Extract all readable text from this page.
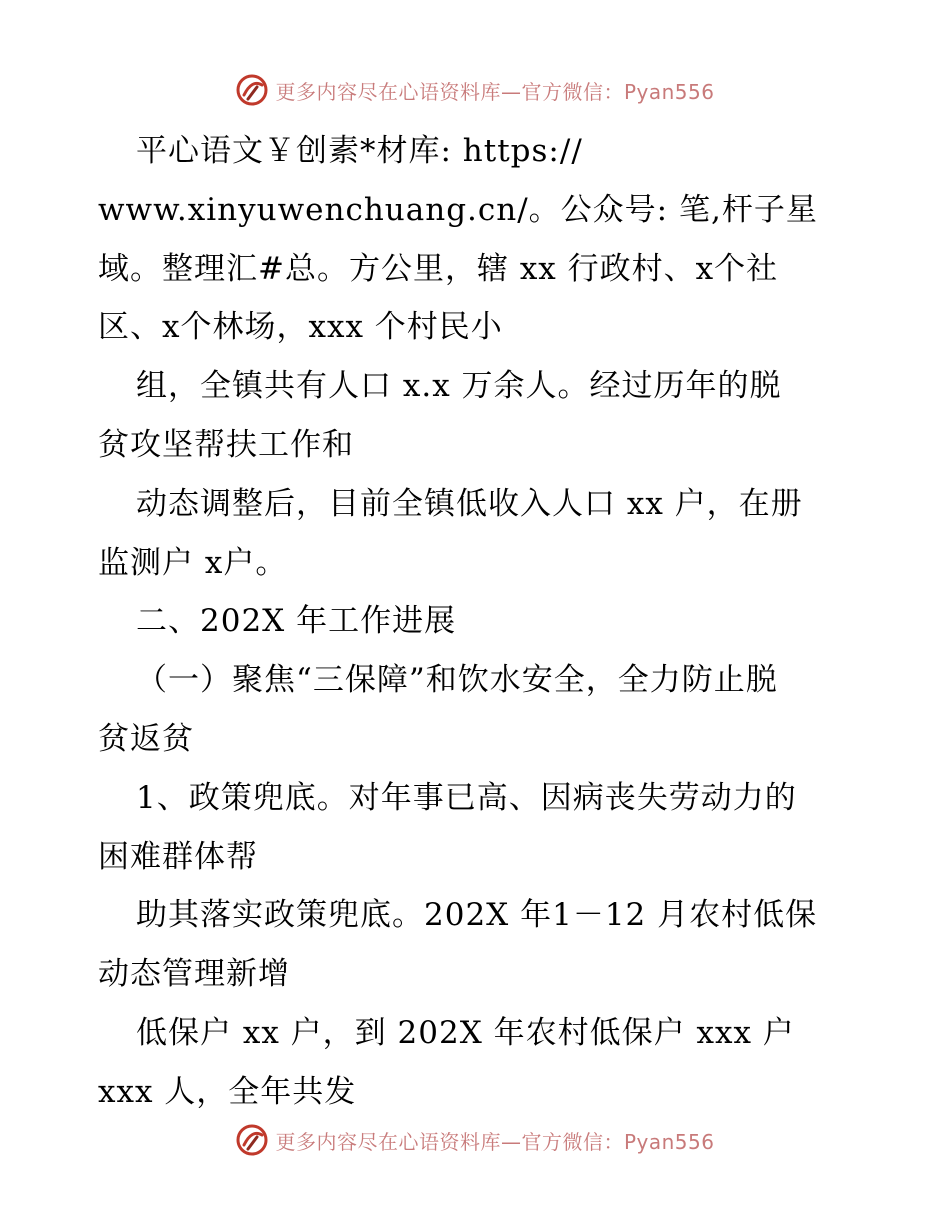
更多内容尽在心语资料库—官方微信：Pyan556
平心语文￥创素*材库: https://
www.xinyuwenchuang.cn/。公众号: 笔,杆子星
域。整理汇#总。方公里，辖 xx 行政村、x个社
区、x个林场，xxx 个村民小
组，全镇共有人口 x.x 万余人。经过历年的脱
贫攻坚帮扶工作和
动态调整后，目前全镇低收入人口 xx 户，在册
监测户 x户。
二、202X 年工作进展
（一）聚焦“三保障”和饮水安全，全力防止脱
贫返贫
1、政策兜底。对年事已高、因病丧失劳动力的
困难群体帮
助其落实政策兜底。202X 年1－12 月农村低保
动态管理新增
低保户 xx 户，到 202X 年农村低保户 xxx 户
xxx 人，全年共发
更多内容尽在心语资料库—官方微信：Pyan556
